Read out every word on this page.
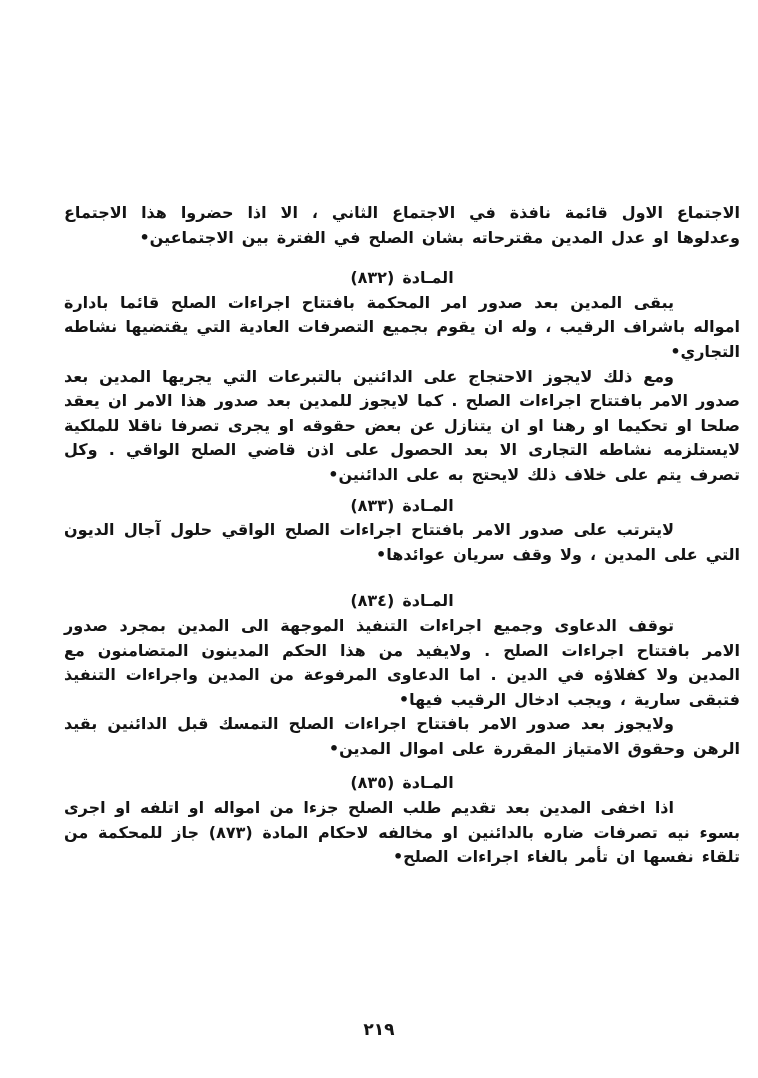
الاجتماع الاول قائمة نافذة في الاجتماع الثاني ، الا اذا حضروا هذا الاجتماع وعدلوها او عدل المدين مقترحاته بشان الصلح في الفترة بين الاجتماعين•

المـادة (٨٣٢)

يبقى المدين بعد صدور امر المحكمة بافتتاح اجراءات الصلح قائما بادارة امواله باشراف الرقيب ، وله ان يقوم بجميع التصرفات العادية التي يقتضيها نشاطه التجاري•

ومع ذلك لايجوز الاحتجاج على الدائنين بالتبرعات التي يجريها المدين بعد صدور الامر بافتتاح اجراءات الصلح . كما لايجوز للمدين بعد صدور هذا الامر ان يعقد صلحا او تحكيما او رهنا او ان يتنازل عن بعض حقوقه او يجرى تصرفا ناقلا للملكية لايستلزمه نشاطه التجارى الا بعد الحصول على اذن قاضي الصلح الواقي . وكل تصرف يتم على خلاف ذلك لايحتج به على الدائنين•

المـادة (٨٣٣)

لايترتب على صدور الامر بافتتاح اجراءات الصلح الواقي حلول آجال الديون التي على المدين ، ولا وقف سريان عوائدها•

المـادة (٨٣٤)

توقف الدعاوى وجميع اجراءات التنفيذ الموجهة الى المدين بمجرد صدور الامر بافتتاح اجراءات الصلح . ولايفيد من هذا الحكم المدينون المتضامنون مع المدين ولا كفلاؤه في الدين . اما الدعاوى المرفوعة من المدين واجراءات التنفيذ فتبقى سارية ، ويجب ادخال الرقيب فيها•

ولايجوز بعد صدور الامر بافتتاح اجراءات الصلح التمسك قبل الدائنين بقيد الرهن وحقوق الامتياز المقررة على اموال المدين•

المـادة (٨٣٥)

اذا اخفى المدين بعد تقديم طلب الصلح جزءا من امواله او اتلفه او اجرى بسوء نيه تصرفات ضاره بالدائنين او مخالفه لاحكام المادة (٨٧٣) جاز للمحكمة من تلقاء نفسها ان تأمر بالغاء اجراءات الصلح•

٢١٩
